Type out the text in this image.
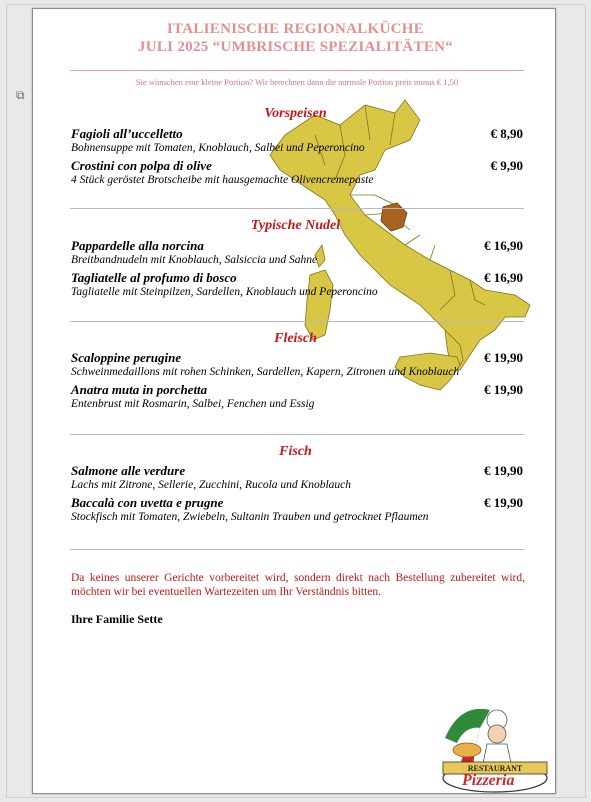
⧉
ITALIENISCHE REGIONALKÜCHE
JULI 2025 “UMBRISCHE SPEZIALITÄTEN“
Sie wünschen eine kleine Portion? Wir berechnen dann die normale Portion preis minus € 1,50
Vorspeisen
Fagioli all’uccelletto
Bohnensuppe mit Tomaten, Knoblauch, Salbei und Peperoncino
€ 8,90
Crostini con polpa di olive
4 Stück geröstet Brotscheibe mit hausgemachte Olivencremepaste
€ 9,90
Typische Nudel
Pappardelle alla norcina
Breitbandnudeln mit Knoblauch, Salsiccia und Sahne
€ 16,90
Tagliatelle al profumo di bosco
Tagliatelle mit Steinpilzen, Sardellen, Knoblauch und Peperoncino
€ 16,90
Fleisch
Scaloppine perugine
Schweinmedaillons mit rohen Schinken, Sardellen, Kapern, Zitronen und Knoblauch
€ 19,90
Anatra muta in porchetta
Entenbrust mit Rosmarin, Salbei, Fenchen und Essig
€ 19,90
Fisch
Salmone alle verdure
Lachs mit Zitrone, Sellerie, Zucchini, Rucola und Knoblauch
€ 19,90
Baccalà con uvetta e prugne
Stockfisch mit Tomaten, Zwiebeln, Sultanin Trauben und getrocknet Pflaumen
€ 19,90
Da keines unserer Gerichte vorbereitet wird, sondern direkt nach Bestellung zubereitet wird, möchten wir bei eventuellen Wartezeiten um Ihr Verständnis bitten.
Ihre Familie Sette
RESTAURANT
Pizzeria
